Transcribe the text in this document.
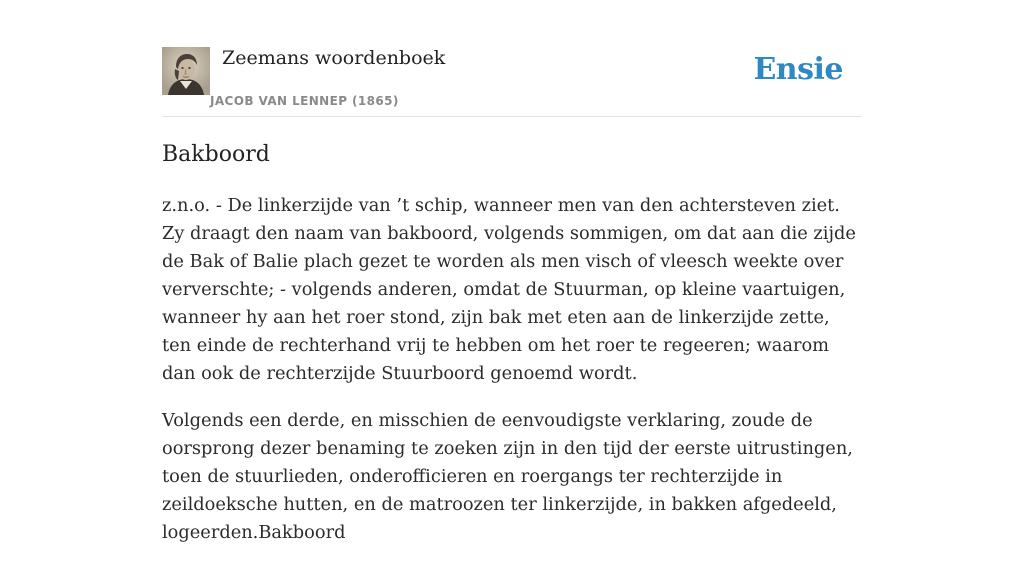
Zeemans woordenboek
JACOB VAN LENNEP (1865)
Ensie
Bakboord

z.n.o. - De linkerzijde van ’t schip, wanneer men van den achtersteven ziet. Zy draagt den naam van bakboord, volgends sommigen, om dat aan die zijde de Bak of Balie plach gezet te worden als men visch of vleesch weekte over ververschte; - volgends anderen, omdat de Stuurman, op kleine vaartuigen, wanneer hy aan het roer stond, zijn bak met eten aan de linkerzijde zette, ten einde de rechterhand vrij te hebben om het roer te regeeren; waarom dan ook de rechterzijde Stuurboord genoemd wordt.

Volgends een derde, en misschien de eenvoudigste verklaring, zoude de oorsprong dezer benaming te zoeken zijn in den tijd der eerste uitrustingen, toen de stuurlieden, onderofficieren en roergangs ter rechterzijde in zeildoeksche hutten, en de matroozen ter linkerzijde, in bakken afgedeeld, logeerden.Bakboord
